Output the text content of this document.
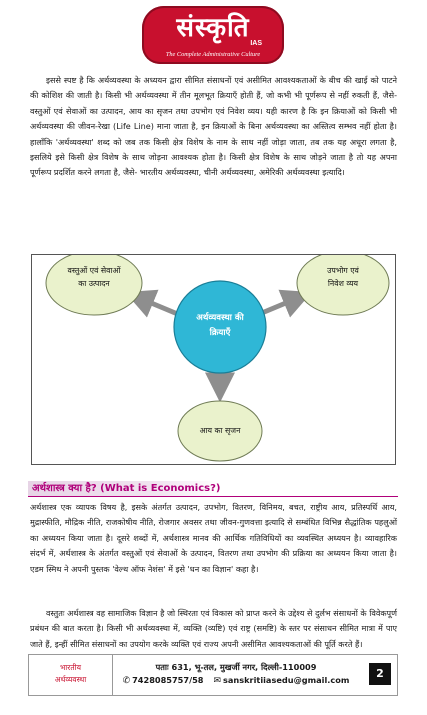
संस्कृति
IAS
The Complete Administrative Culture
इससे स्पष्ट है कि अर्थव्यवस्था के अध्ययन द्वारा सीमित संसाधनों एवं असीमित आवश्यकताओं के बीच की खाई को पाटने की कोशिश की जाती है। किसी भी अर्थव्यवस्था में तीन मूलभूत क्रियाएँ होती हैं, जो कभी भी पूर्णरूप से नहीं रुकती हैं, जैसे- वस्तुओं एवं सेवाओं का उत्पादन, आय का सृजन तथा उपभोग एवं निवेश व्यय। यही कारण है कि इन क्रियाओं को किसी भी अर्थव्यवस्था की जीवन-रेखा (Life Line) माना जाता है, इन क्रियाओं के बिना अर्थव्यवस्था का अस्तित्व सम्भव नहीं होता है। हालाँकि 'अर्थव्यवस्था' शब्द को जब तक किसी क्षेत्र विशेष के नाम के साथ नहीं जोड़ा जाता, तब तक यह अधूरा लगता है, इसलिये इसे किसी क्षेत्र विशेष के साथ जोड़ना आवश्यक होता है। किसी क्षेत्र विशेष के साथ जोड़ने जाता है तो यह अपना पूर्णरूप प्रदर्शित करने लगता है, जैसे- भारतीय अर्थव्यवस्था, चीनी अर्थव्यवस्था, अमेरिकी अर्थव्यवस्था इत्यादि।
वस्तुओं एवं सेवाओं
का उत्पादन
उपभोग एवं
निवेश व्यय
अर्थव्यवस्था की
क्रियाएँ
आय का सृजन
अर्थशास्त्र क्या है? (What is Economics?)
अर्थशास्त्र एक व्यापक विषय है, इसके अंतर्गत उत्पादन, उपभोग, वितरण, विनिमय, बचत, राष्ट्रीय आय, प्रतिस्पर्धि आय, मुद्रास्फीति, मौद्रिक नीति, राजकोषीय नीति, रोजगार अवसर तथा जीवन-गुणवत्ता इत्यादि से सम्बंधित विभिन्न सैद्धांतिक पहलुओं का अध्ययन किया जाता है। दूसरे शब्दों में, अर्थशास्त्र मानव की आर्थिक गतिविधियों का व्यवस्थित अध्ययन है। व्यावहारिक संदर्भ में, अर्थशास्त्र के अंतर्गत वस्तुओं एवं सेवाओं के उत्पादन, वितरण तथा उपभोग की प्रक्रिया का अध्ययन किया जाता है। एडम स्मिथ ने अपनी पुस्तक 'वेल्थ ऑफ नेशंस' में इसे 'धन का विज्ञान' कहा है।
वस्तुतः अर्थशास्त्र वह सामाजिक विज्ञान है जो स्थिरता एवं विकास को प्राप्त करने के उद्देश्य से दुर्लभ संसाधनों के विवेकपूर्ण प्रबंधन की बात करता है। किसी भी अर्थव्यवस्था में, व्यक्ति (व्यष्टि) एवं राष्ट्र (समष्टि) के स्तर पर संसाधन सीमित मात्रा में पाए जाते हैं, इन्हीं सीमित संसाधनों का उपयोग करके व्यक्ति एवं राज्य अपनी असीमित आवश्यकताओं की पूर्ति करते हैं।
भारतीय
अर्थव्यवस्था
पताः 631, भू-तल, मुखर्जी नगर, दिल्ली-110009
✆ 7428085757/58 ✉ sanskritiiasedu@gmail.com	2
